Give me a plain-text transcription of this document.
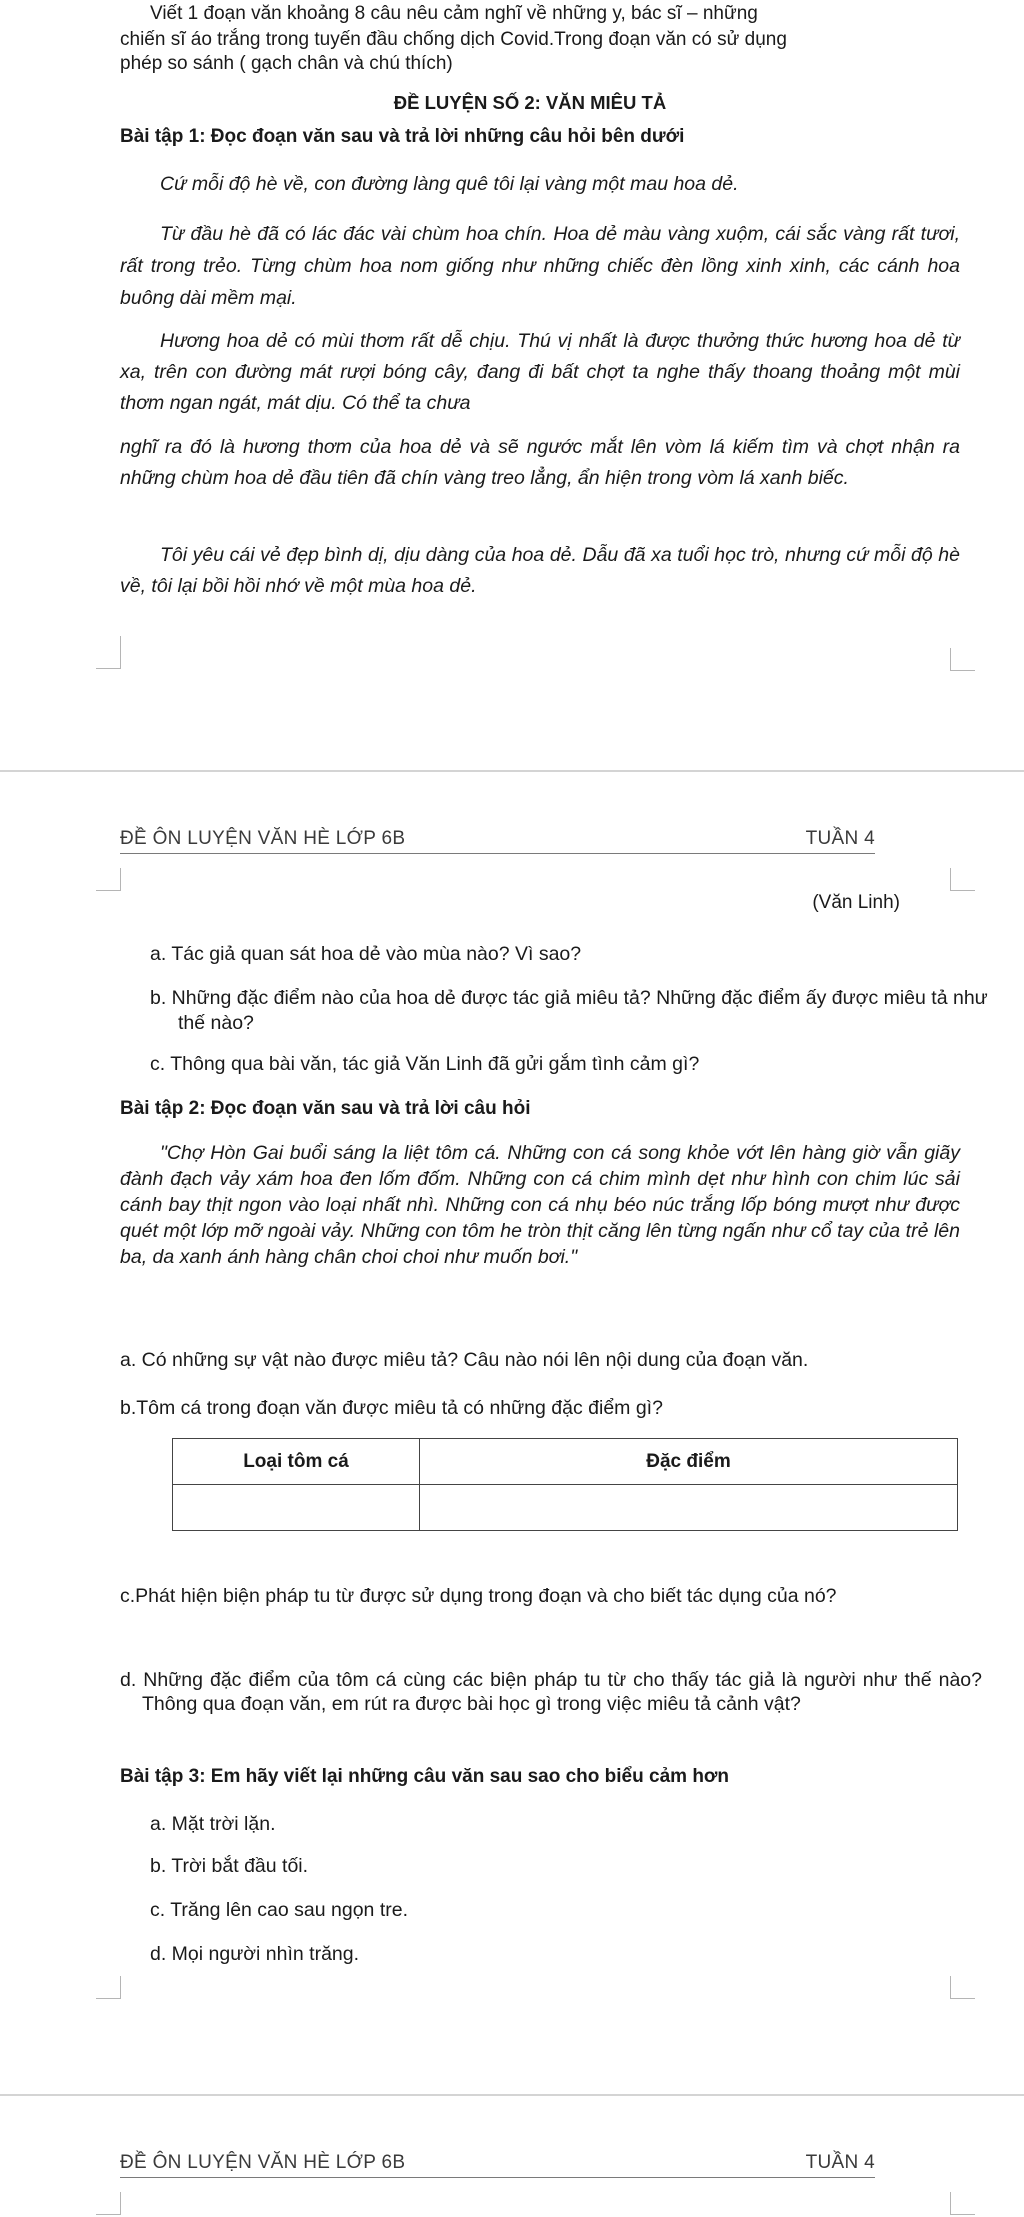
Viết 1 đoạn văn khoảng 8 câu nêu cảm nghĩ về những y, bác sĩ – những
chiến sĩ áo trắng trong tuyến đầu chống dịch Covid.Trong đoạn văn có sử dụng
phép so sánh ( gạch chân và chú thích)
ĐỀ LUYỆN SỐ 2: VĂN MIÊU TẢ
Bài tập 1: Đọc đoạn văn sau và trả lời những câu hỏi bên dưới
Cứ mỗi độ hè về, con đường làng quê tôi lại vàng một mau hoa dẻ.
Từ đầu hè đã có lác đác vài chùm hoa chín. Hoa dẻ màu vàng xuộm, cái sắc vàng rất tươi, rất trong trẻo. Từng chùm hoa nom giống như những chiếc đèn lồng xinh xinh, các cánh hoa buông dài mềm mại.
Hương hoa dẻ có mùi thơm rất dễ chịu. Thú vị nhất là được thưởng thức hương hoa dẻ từ xa, trên con đường mát rượi bóng cây, đang đi bất chợt ta nghe thấy thoang thoảng một mùi thơm ngan ngát, mát dịu. Có thể ta chưa
nghĩ ra đó là hương thơm của hoa dẻ và sẽ ngước mắt lên vòm lá kiếm tìm và chợt nhận ra những chùm hoa dẻ đầu tiên đã chín vàng treo lẳng, ẩn hiện trong vòm lá xanh biếc.
Tôi yêu cái vẻ đẹp bình dị, dịu dàng của hoa dẻ. Dẫu đã xa tuổi học trò, nhưng cứ mỗi độ hè về, tôi lại bồi hồi nhớ về một mùa hoa dẻ.
ĐỀ ÔN LUYỆN VĂN HÈ LỚP 6B	TUẦN 4
(Văn Linh)
a. Tác giả quan sát hoa dẻ vào mùa nào? Vì sao?
b. Những đặc điểm nào của hoa dẻ được tác giả miêu tả? Những đặc điểm ấy được miêu tả như thế nào?
c. Thông qua bài văn, tác giả Văn Linh đã gửi gắm tình cảm gì?
Bài tập 2: Đọc đoạn văn sau và trả lời câu hỏi
"Chợ Hòn Gai buổi sáng la liệt tôm cá. Những con cá song khỏe vớt lên hàng giờ vẫn giãy đành đạch vảy xám hoa đen lốm đốm. Những con cá chim mình dẹt như hình con chim lúc sải cánh bay thịt ngon vào loại nhất nhì. Những con cá nhụ béo núc trắng lốp bóng mượt như được quét một lớp mỡ ngoài vảy. Những con tôm he tròn thịt căng lên từng ngấn như cổ tay của trẻ lên ba, da xanh ánh hàng chân choi choi như muốn bơi."
a. Có những sự vật nào được miêu tả? Câu nào nói lên nội dung của đoạn văn.
b.Tôm cá trong đoạn văn được miêu tả có những đặc điểm gì?
Loại tôm cá	Đặc điểm

c.Phát hiện biện pháp tu từ được sử dụng trong đoạn và cho biết tác dụng của nó?
d. Những đặc điểm của tôm cá cùng các biện pháp tu từ cho thấy tác giả là người như thế nào?Thông qua đoạn văn, em rút ra được bài học gì trong việc miêu tả cảnh vật?
Bài tập 3: Em hãy viết lại những câu văn sau sao cho biểu cảm hơn
a. Mặt trời lặn.
b. Trời bắt đầu tối.
c. Trăng lên cao sau ngọn tre.
d. Mọi người nhìn trăng.
ĐỀ ÔN LUYỆN VĂN HÈ LỚP 6B	TUẦN 4
